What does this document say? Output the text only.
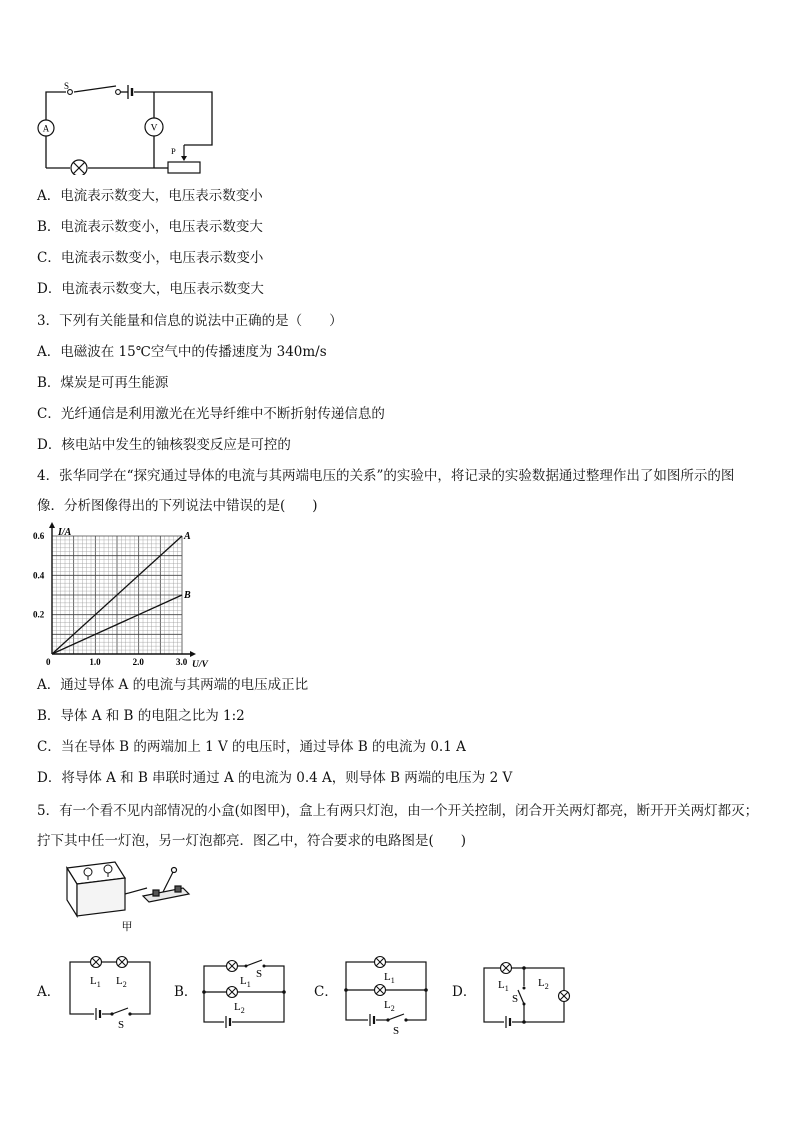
S
A	V
P
A．电流表示数变大，电压表示数变小
B．电流表示数变小，电压表示数变大
C．电流表示数变小，电压表示数变小
D．电流表示数变大，电压表示数变大
3．下列有关能量和信息的说法中正确的是（　　）
A．电磁波在 15℃空气中的传播速度为 340m/s
B．煤炭是可再生能源
C．光纤通信是利用激光在光导纤维中不断折射传递信息的
D．核电站中发生的铀核裂变反应是可控的
4．张华同学在“探究通过导体的电流与其两端电压的关系”的实验中，将记录的实验数据通过整理作出了如图所示的图像．分析图像得出的下列说法中错误的是(　　)
A
B
0	1.0	2.0	3.0
0.2
0.4
0.6 I/A
U/V
A．通过导体 A 的电流与其两端的电压成正比
B．导体 A 和 B 的电阻之比为 1:2
C．当在导体 B 的两端加上 1 V 的电压时，通过导体 B 的电流为 0.1 A
D．将导体 A 和 B 串联时通过 A 的电流为 0.4 A，则导体 B 两端的电压为 2 V
5．有一个看不见内部情况的小盒(如图甲)，盒上有两只灯泡，由一个开关控制，闭合开关两灯都亮，断开开关两灯都灭；拧下其中任一灯泡，另一灯泡都亮．图乙中，符合要求的电路图是(　　)
甲
A．
$L_1$ $L_2$
S
B．
$L_1$
S
$L_2$
C．
$L_1$
$L_2$
S
D． $L_1$
S
$L_2$
